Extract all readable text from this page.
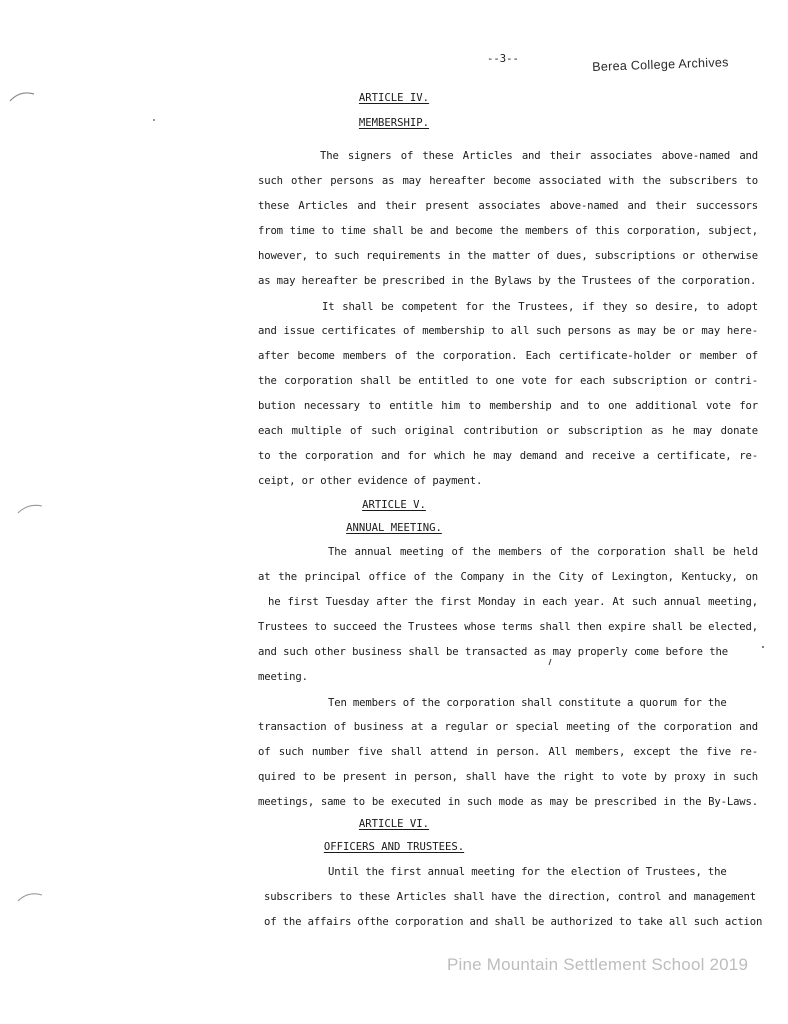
--3--	Berea College Archives
ARTICLE IV.
MEMBERSHIP.
The signers of these Articles and their associates above-named and
such other persons as may hereafter become associated with the subscribers to
these Articles and their present associates above-named and their successors
from time to time shall be and become the members of this corporation, subject,
however, to such requirements in the matter of dues, subscriptions or otherwise
as may hereafter be prescribed in the Bylaws by the Trustees of the corporation.
It shall be competent for the Trustees, if they so desire, to adopt
and issue certificates of membership to all such persons as may be or may here-
after become members of the corporation. Each certificate-holder or member of
the corporation shall be entitled to one vote for each subscription or contri-
bution necessary to entitle him to membership and to one additional vote for
each multiple of such original contribution or subscription as he may donate
to the corporation and for which he may demand and receive a certificate, re-
ceipt, or other evidence of payment.
ARTICLE V.
ANNUAL MEETING.
The annual meeting of the members of the corporation shall be held
at the principal office of the Company in the City of Lexington, Kentucky, on
he first Tuesday after the first Monday in each year. At such annual meeting,
Trustees to succeed the Trustees whose terms shall then expire shall be elected,
and such other business shall be transacted as may properly come before the
meeting.
Ten members of the corporation shall constitute a quorum for the
transaction of business at a regular or special meeting of the corporation and
of such number five shall attend in person. All members, except the five re-
quired to be present in person, shall have the right to vote by proxy in such
meetings, same to be executed in such mode as may be prescribed in the By-Laws.
ARTICLE VI.
OFFICERS AND TRUSTEES.
Until the first annual meeting for the election of Trustees, the
subscribers to these Articles shall have the direction, control and management
of the affairs ofthe corporation and shall be authorized to take all such action
Pine Mountain Settlement School 2019
